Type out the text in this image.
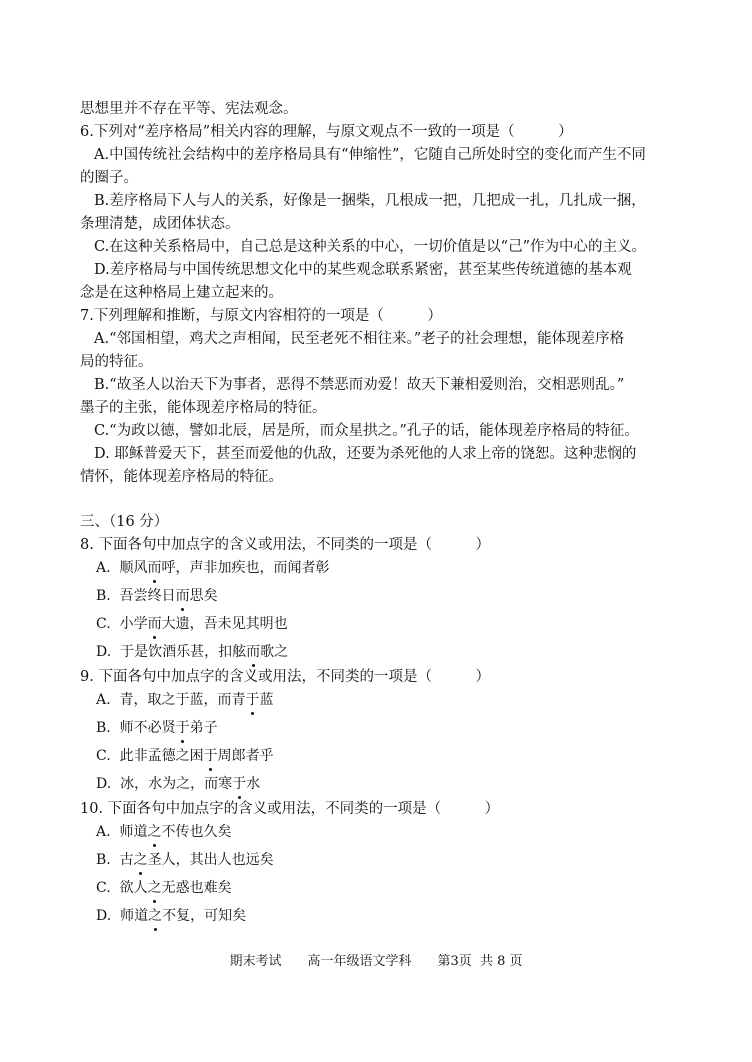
思想里并不存在平等、宪法观念。
6.下列对“差序格局”相关内容的理解，与原文观点不一致的一项是（　　　）
A.中国传统社会结构中的差序格局具有“伸缩性”，它随自己所处时空的变化而产生不同
的圈子。
B.差序格局下人与人的关系，好像是一捆柴，几根成一把，几把成一扎，几扎成一捆，
条理清楚，成团体状态。
C.在这种关系格局中，自己总是这种关系的中心，一切价值是以“己”作为中心的主义。
D.差序格局与中国传统思想文化中的某些观念联系紧密，甚至某些传统道德的基本观
念是在这种格局上建立起来的。
7.下列理解和推断，与原文内容相符的一项是（　　　）
A.“邻国相望，鸡犬之声相闻，民至老死不相往来。”老子的社会理想，能体现差序格
局的特征。
B.“故圣人以治天下为事者，恶得不禁恶而劝爱！故天下兼相爱则治，交相恶则乱。”
墨子的主张，能体现差序格局的特征。
C.“为政以德，譬如北辰，居是所，而众星拱之。”孔子的话，能体现差序格局的特征。
D. 耶稣普爱天下，甚至而爱他的仇敌，还要为杀死他的人求上帝的饶恕。这种悲悯的
情怀，能体现差序格局的特征。
三、（16 分）
8. 下面各句中加点字的含义或用法，不同类的一项是（　　　）
A. 顺风而呼，声非加疾也，而闻者彰
B. 吾尝终日而思矣
C. 小学而大遗，吾未见其明也
D. 于是饮酒乐甚，扣舷而歌之
9. 下面各句中加点字的含义或用法，不同类的一项是（　　　）
A. 青，取之于蓝，而青于蓝
B. 师不必贤于弟子
C. 此非孟德之困于周郎者乎
D. 冰，水为之，而寒于水
10. 下面各句中加点字的含义或用法，不同类的一项是（　　　）
A. 师道之不传也久矣
B. 古之圣人，其出人也远矣
C. 欲人之无惑也难矣
D. 师道之不复，可知矣
期末考试　　高一年级语文学科　　第3页  共 8 页
